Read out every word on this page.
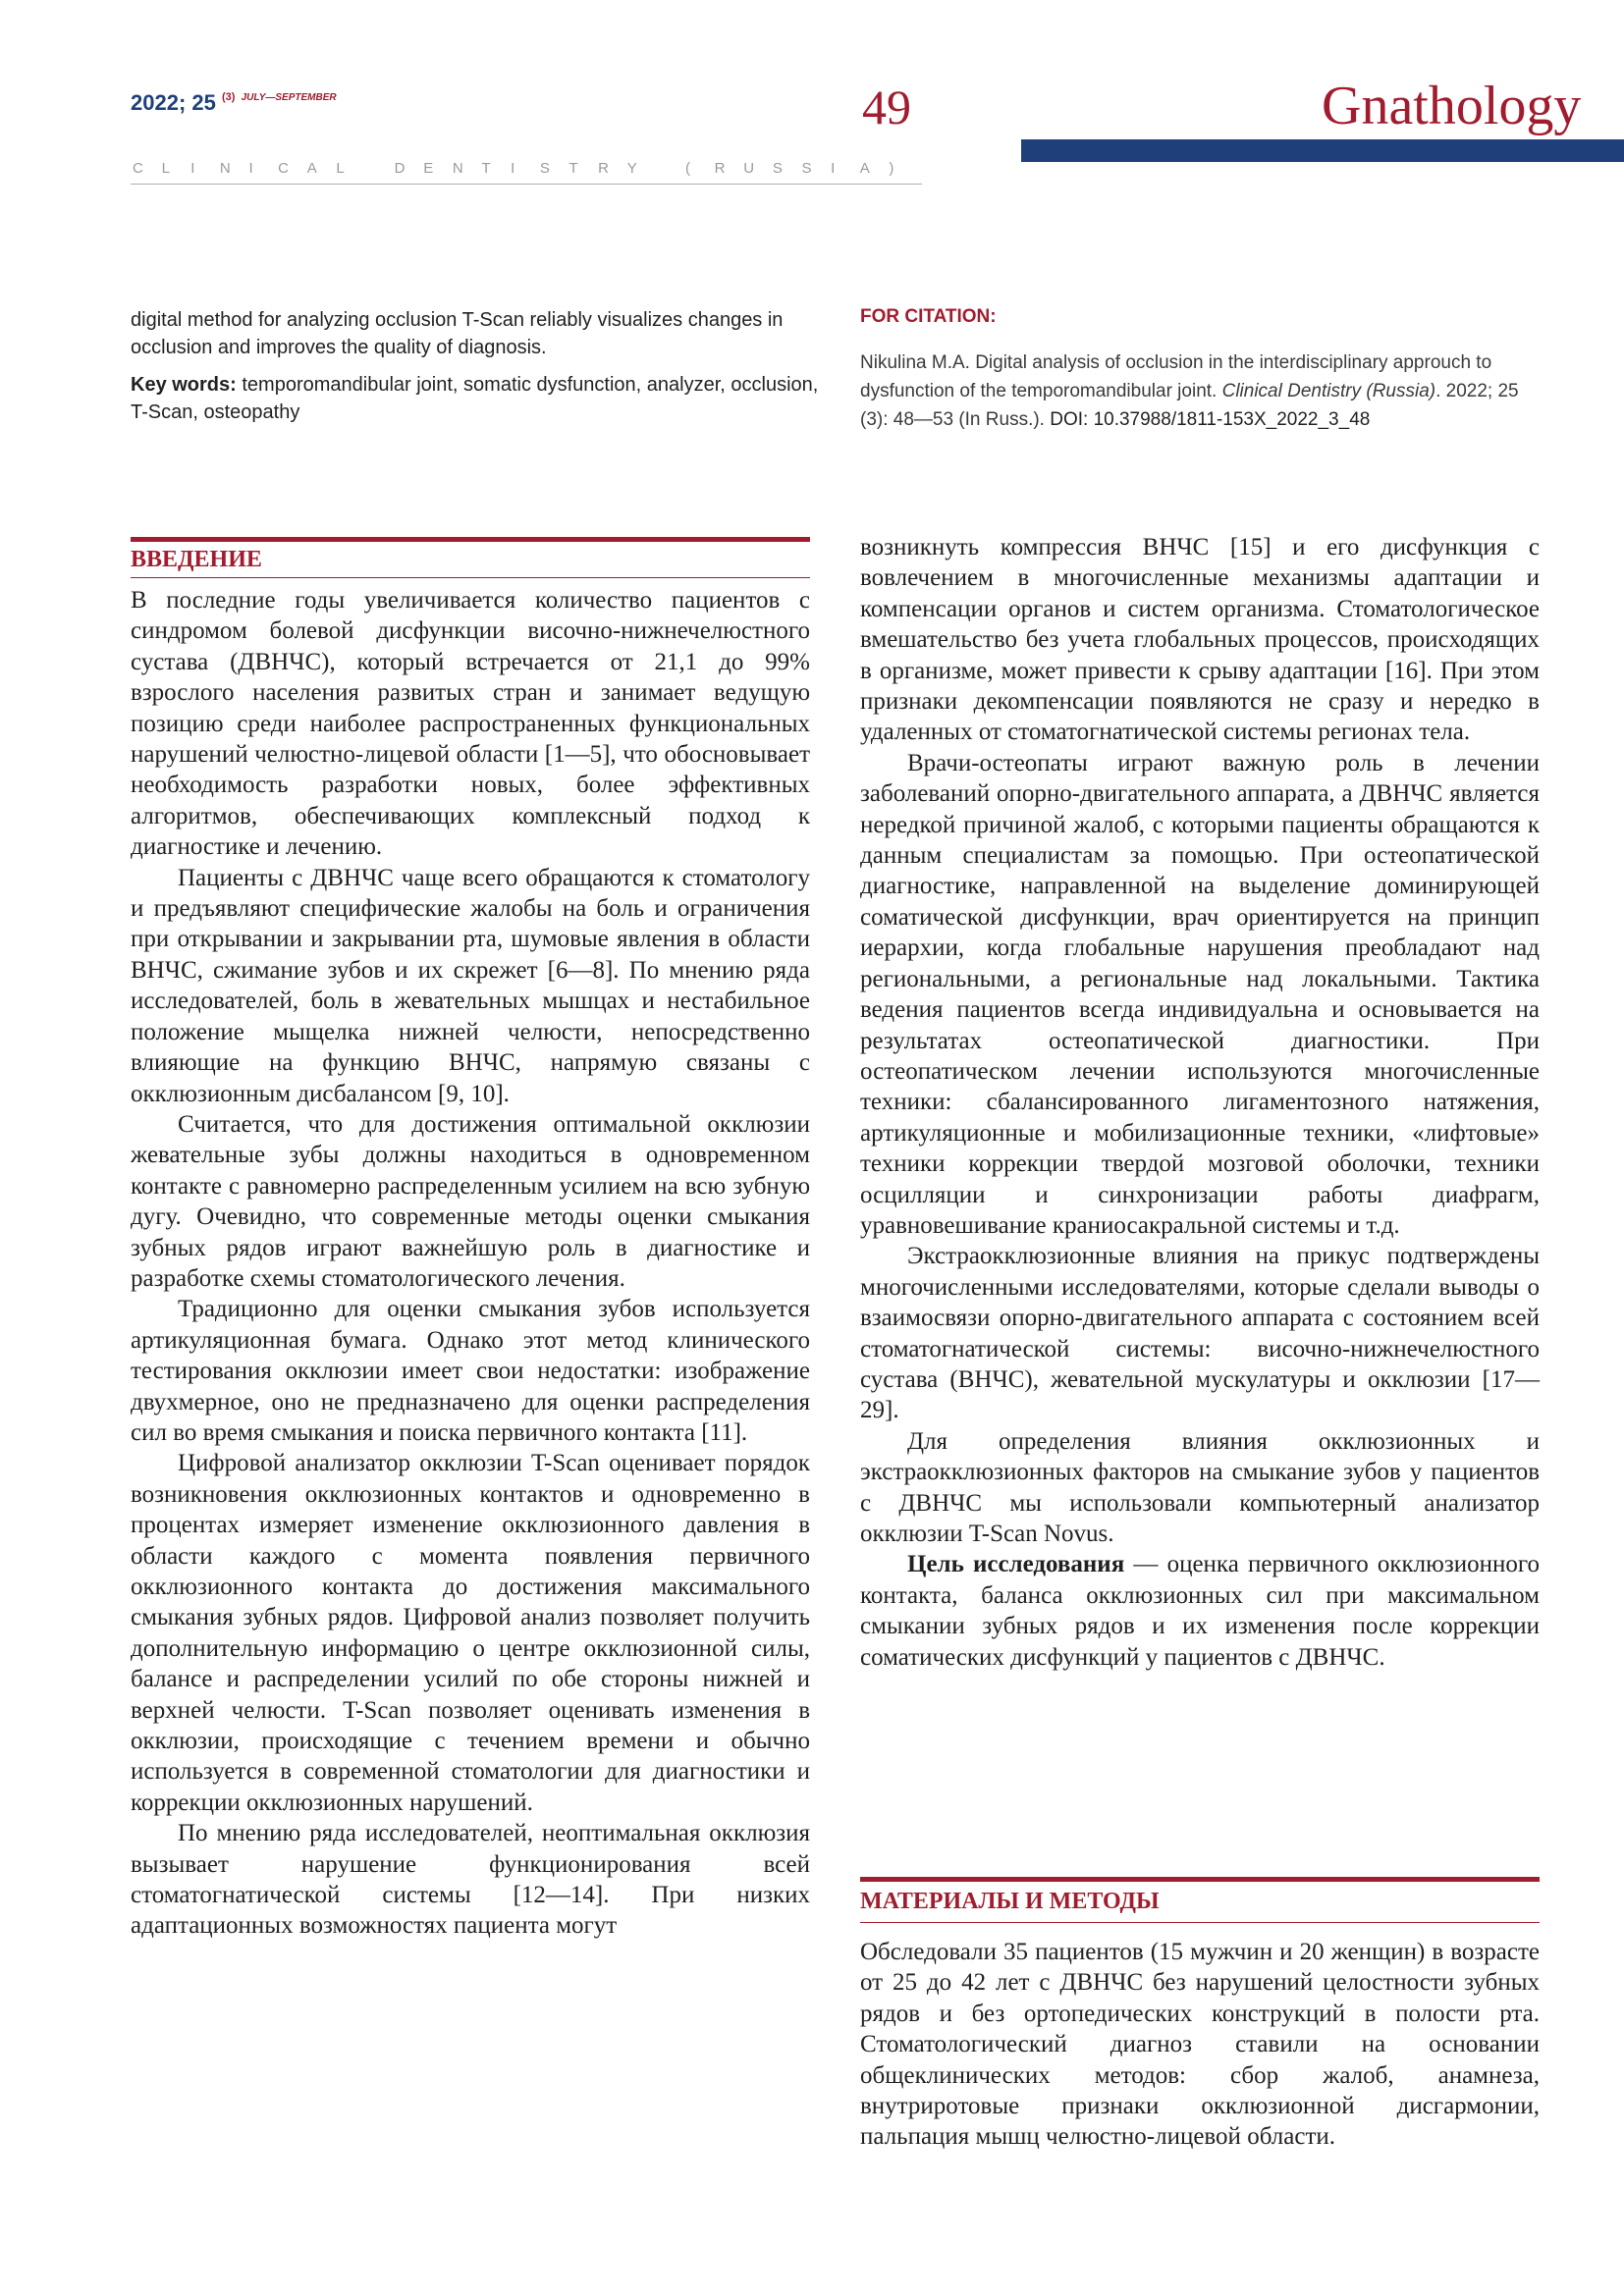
2022; 25 $^{(3)}$ $^{JULY—SEPTEMBER}$	49
C L I N I C A L	D E N T I S T R Y	( R U S S I A )
Gnathology

digital method for analyzing occlusion T-Scan reliably visualizes changes in occlusion and improves the quality of diagnosis.

Key words: temporomandibular joint, somatic dysfunction, analyzer, occlusion, T-Scan, osteopathy

FOR CITATION:
Nikulina M.A. Digital analysis of occlusion in the interdisciplinary approuch to dysfunction of the temporomandibular joint. Clinical Dentistry (Russia). 2022; 25 (3): 48—53 (In Russ.). DOI: 10.37988/1811-153X_2022_3_48
ВВЕДЕНИЕ

В последние годы увеличивается количество пациентов с синдромом болевой дисфункции височно-нижнечелюстного сустава (ДВНЧС), который встречается от 21,1 до 99% взрослого населения развитых стран и занимает ведущую позицию среди наиболее распространенных функциональных нарушений челюстно-лицевой области [1—5], что обосновывает необходимость разработки новых, более эффективных алгоритмов, обеспечивающих комплексный подход к диагностике и лечению.

Пациенты с ДВНЧС чаще всего обращаются к стоматологу и предъявляют специфические жалобы на боль и ограничения при открывании и закрывании рта, шумовые явления в области ВНЧС, сжимание зубов и их скрежет [6—8]. По мнению ряда исследователей, боль в жевательных мышцах и нестабильное положение мыщелка нижней челюсти, непосредственно влияющие на функцию ВНЧС, напрямую связаны с окклюзионным дисбалансом [9, 10].

Считается, что для достижения оптимальной окклюзии жевательные зубы должны находиться в одновременном контакте с равномерно распределенным усилием на всю зубную дугу. Очевидно, что современные методы оценки смыкания зубных рядов играют важнейшую роль в диагностике и разработке схемы стоматологического лечения.

Традиционно для оценки смыкания зубов используется артикуляционная бумага. Однако этот метод клинического тестирования окклюзии имеет свои недостатки: изображение двухмерное, оно не предназначено для оценки распределения сил во время смыкания и поиска первичного контакта [11].

Цифровой анализатор окклюзии T-Scan оценивает порядок возникновения окклюзионных контактов и одновременно в процентах измеряет изменение окклюзионного давления в области каждого с момента появления первичного окклюзионного контакта до достижения максимального смыкания зубных рядов. Цифровой анализ позволяет получить дополнительную информацию о центре окклюзионной силы, балансе и распределении усилий по обе стороны нижней и верхней челюсти. T-Scan позволяет оценивать изменения в окклюзии, происходящие с течением времени и обычно используется в современной стоматологии для диагностики и коррекции окклюзионных нарушений.

По мнению ряда исследователей, неоптимальная окклюзия вызывает нарушение функционирования всей стоматогнатической системы [12—14]. При низких адаптационных возможностях пациента могут

возникнуть компрессия ВНЧС [15] и его дисфункция с вовлечением в многочисленные механизмы адаптации и компенсации органов и систем организма. Стоматологическое вмешательство без учета глобальных процессов, происходящих в организме, может привести к срыву адаптации [16]. При этом признаки декомпенсации появляются не сразу и нередко в удаленных от стоматогнатической системы регионах тела.

Врачи-остеопаты играют важную роль в лечении заболеваний опорно-двигательного аппарата, а ДВНЧС является нередкой причиной жалоб, с которыми пациенты обращаются к данным специалистам за помощью. При остеопатической диагностике, направленной на выделение доминирующей соматической дисфункции, врач ориентируется на принцип иерархии, когда глобальные нарушения преобладают над региональными, а региональные над локальными. Тактика ведения пациентов всегда индивидуальна и основывается на результатах остеопатической диагностики. При остеопатическом лечении используются многочисленные техники: сбалансированного лигаментозного натяжения, артикуляционные и мобилизационные техники, «лифтовые» техники коррекции твердой мозговой оболочки, техники осцилляции и синхронизации работы диафрагм, уравновешивание краниосакральной системы и т.д.

Экстраокклюзионные влияния на прикус подтверждены многочисленными исследователями, которые сделали выводы о взаимосвязи опорно-двигательного аппарата с состоянием всей стоматогнатической системы: височно-нижнечелюстного сустава (ВНЧС), жевательной мускулатуры и окклюзии [17—29].

Для определения влияния окклюзионных и экстраокклюзионных факторов на смыкание зубов у пациентов с ДВНЧС мы использовали компьютерный анализатор окклюзии T-Scan Novus.

Цель исследования — оценка первичного окклюзионного контакта, баланса окклюзионных сил при максимальном смыкании зубных рядов и их изменения после коррекции соматических дисфункций у пациентов с ДВНЧС.

МАТЕРИАЛЫ И МЕТОДЫ

Обследовали 35 пациентов (15 мужчин и 20 женщин) в возрасте от 25 до 42 лет с ДВНЧС без нарушений целостности зубных рядов и без ортопедических конструкций в полости рта. Стоматологический диагноз ставили на основании общеклинических методов: сбор жалоб, анамнеза, внутриротовые признаки окклюзионной дисгармонии, пальпация мышц челюстно-лицевой области.
